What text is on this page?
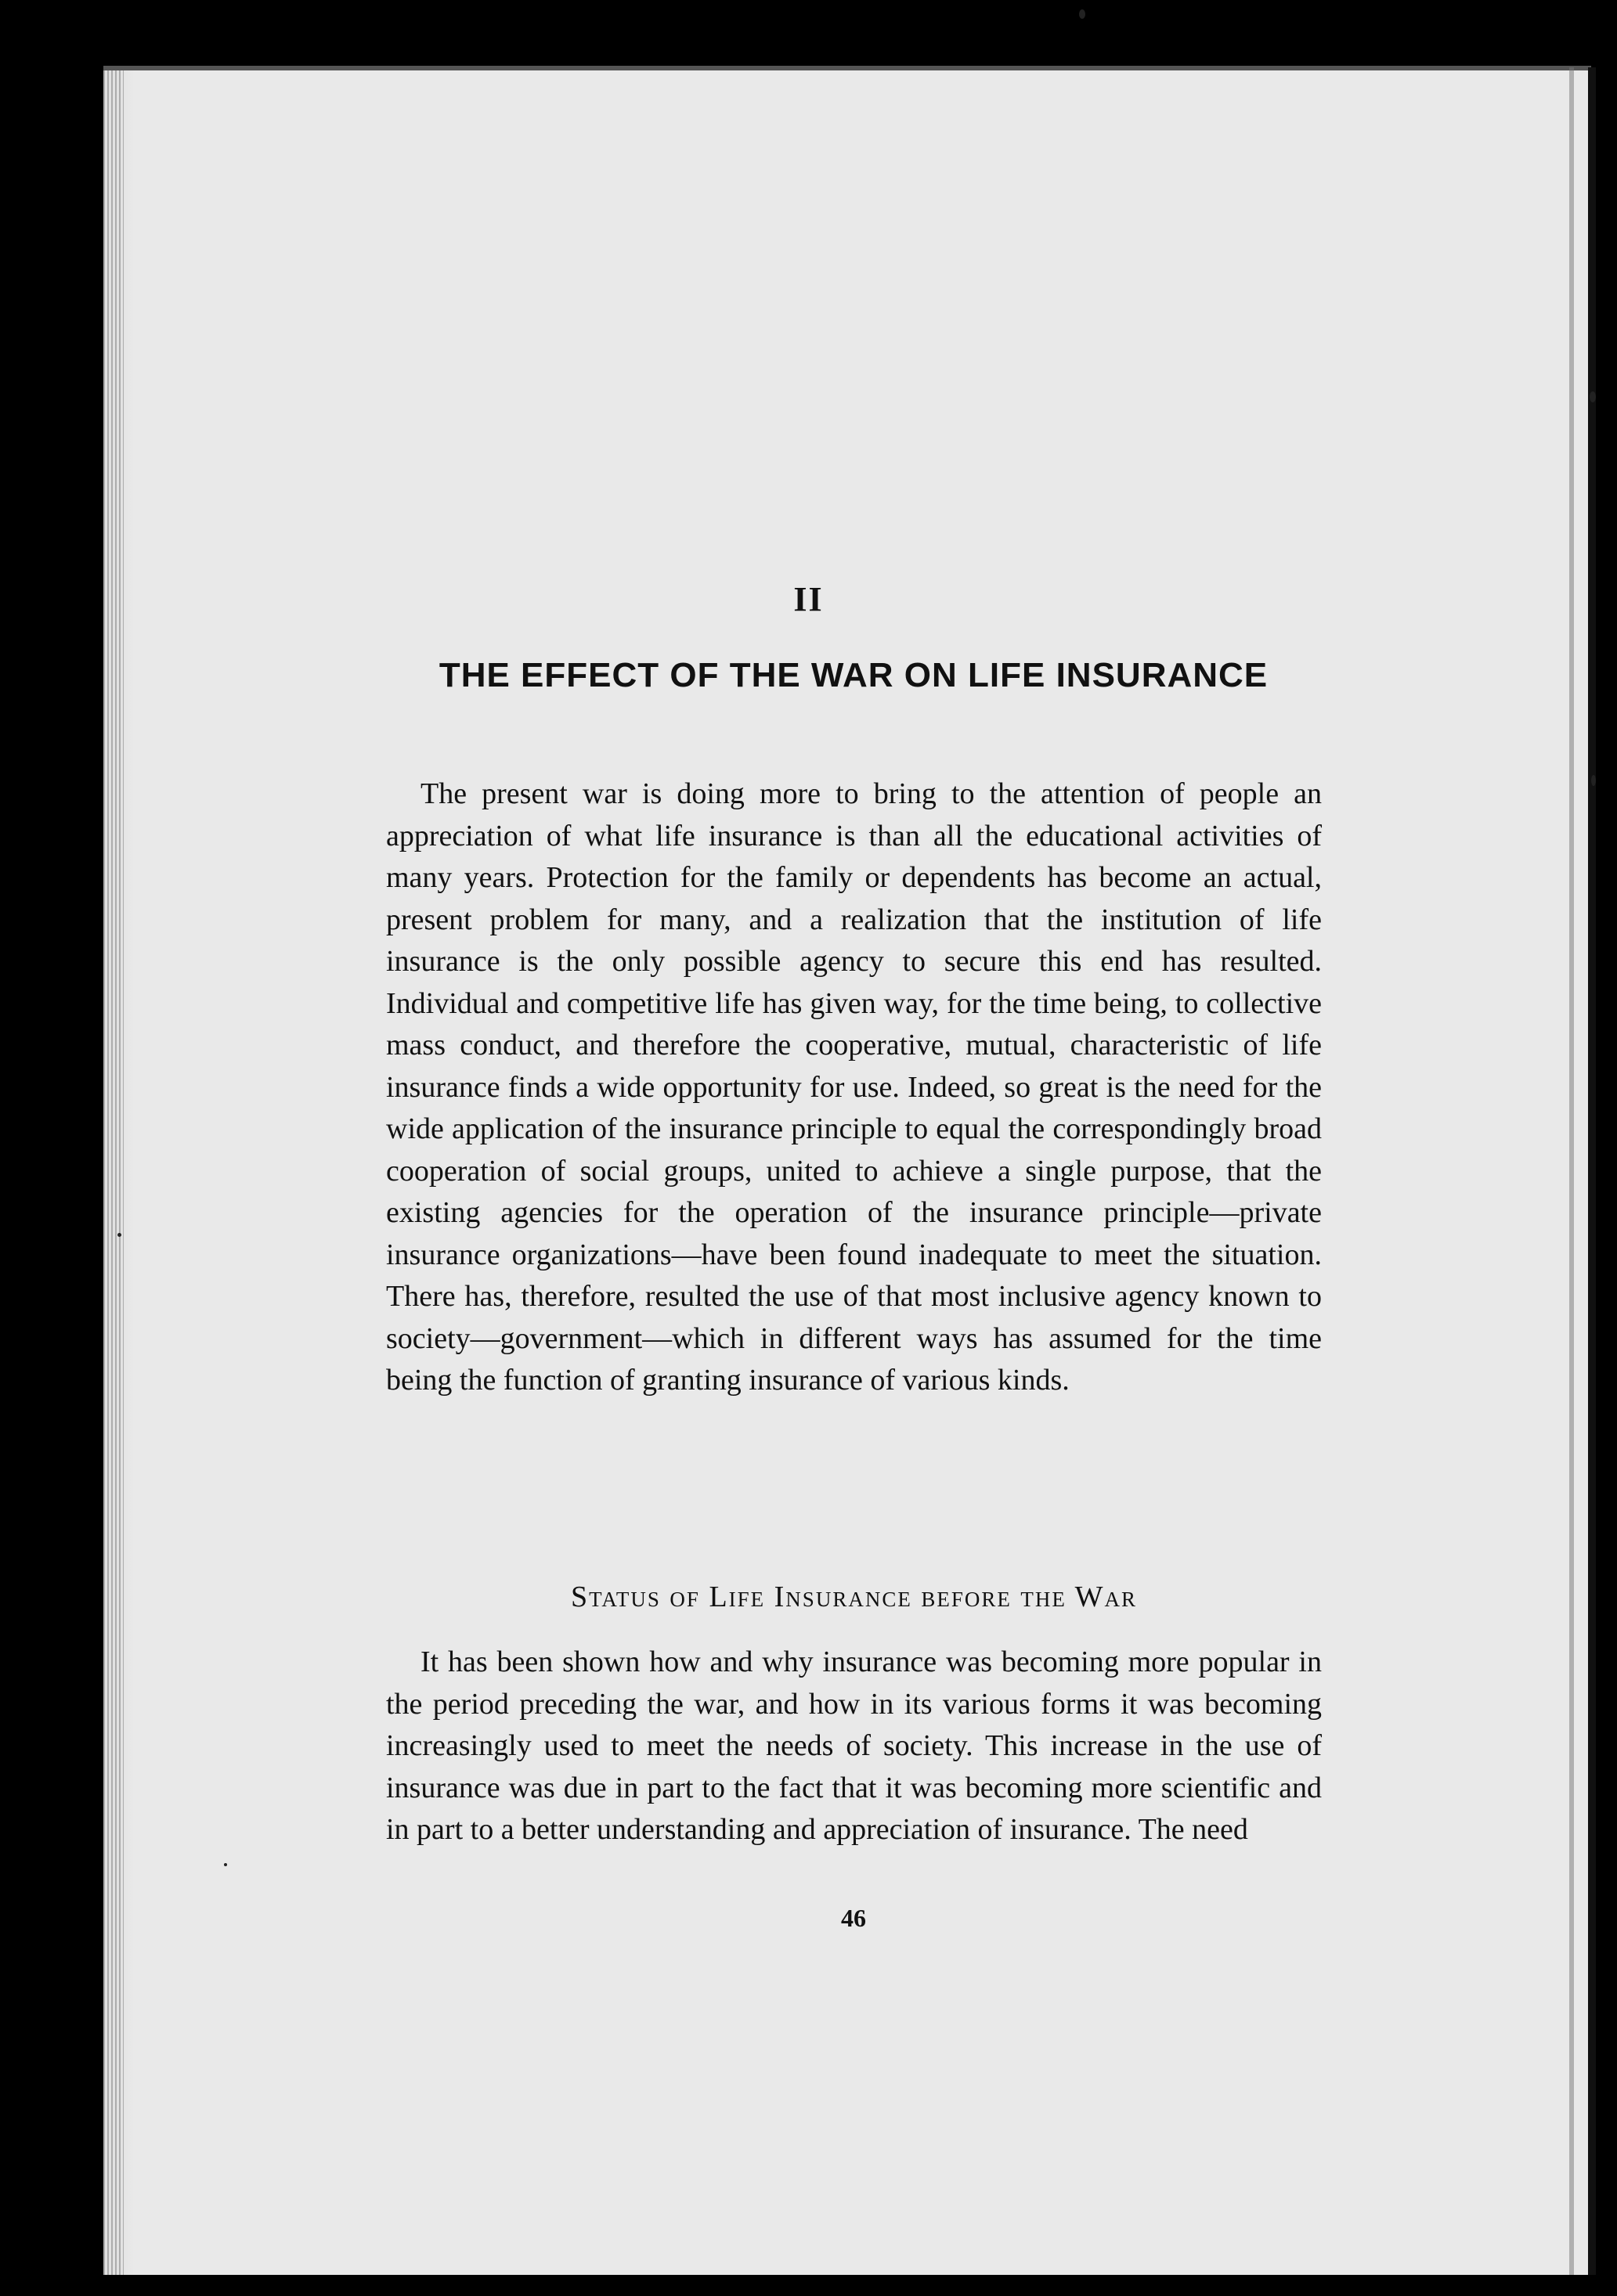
II
THE EFFECT OF THE WAR ON LIFE INSURANCE

The present war is doing more to bring to the attention of people an appreciation of what life insurance is than all the educational activities of many years. Protection for the family or dependents has become an actual, present problem for many, and a realization that the institution of life insurance is the only possible agency to secure this end has resulted. Individual and competitive life has given way, for the time being, to collective mass conduct, and therefore the cooperative, mutual, characteristic of life insurance finds a wide opportunity for use. Indeed, so great is the need for the wide application of the insurance principle to equal the correspondingly broad cooperation of social groups, united to achieve a single purpose, that the existing agencies for the operation of the insurance principle—private insurance organizations—have been found inadequate to meet the situation. There has, therefore, resulted the use of that most inclusive agency known to society—government—which in different ways has assumed for the time being the function of granting insurance of various kinds.

Status of Life Insurance before the War

It has been shown how and why insurance was becoming more popular in the period preceding the war, and how in its various forms it was becoming increasingly used to meet the needs of society. This increase in the use of insurance was due in part to the fact that it was becoming more scientific and in part to a better understanding and appreciation of insurance. The need

46
